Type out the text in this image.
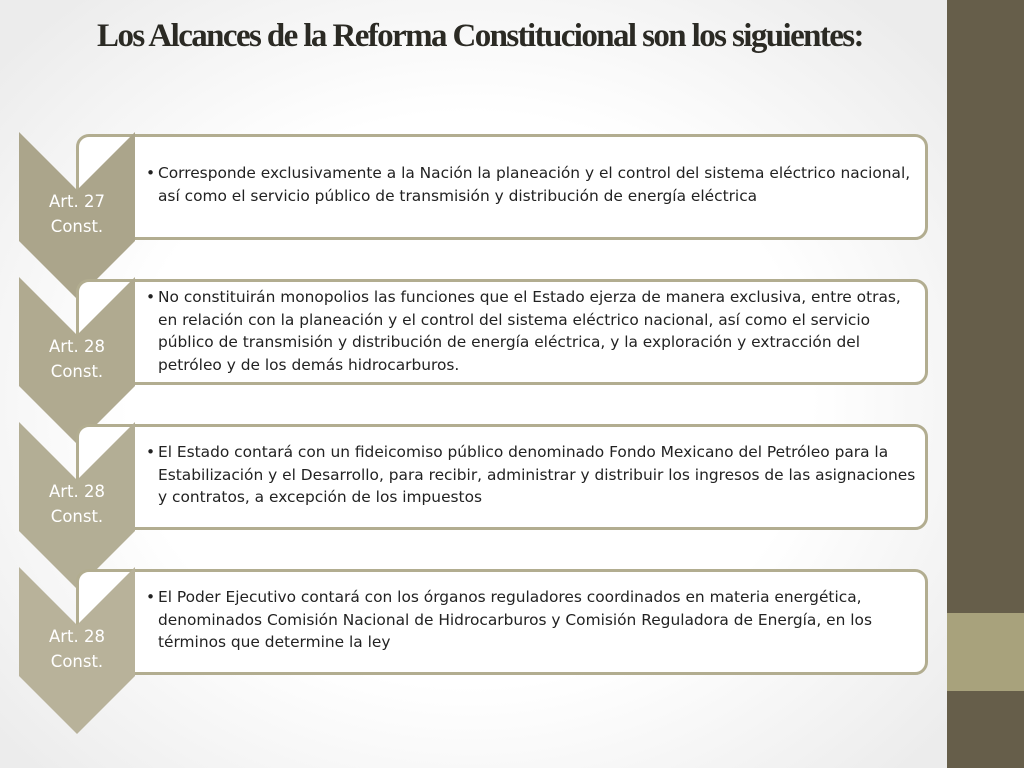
Los Alcances de la Reforma Constitucional son los siguientes:
Art. 27
Const.
• Corresponde exclusivamente a la Nación la planeación y el control del sistema eléctrico nacional, así como el servicio público de transmisión y distribución de energía eléctrica
Art. 28
Const.
• No constituirán monopolios las funciones que el Estado ejerza de manera exclusiva, entre otras, en relación con la planeación y el control del sistema eléctrico nacional, así como el servicio público de transmisión y distribución de energía eléctrica, y la exploración y extracción del petróleo y de los demás hidrocarburos.
Art. 28
Const.
• El Estado contará con un fideicomiso público denominado Fondo Mexicano del Petróleo para la Estabilización y el Desarrollo, para recibir, administrar y distribuir los ingresos de las asignaciones y contratos, a excepción de los impuestos
Art. 28
Const.
• El Poder Ejecutivo contará con los órganos reguladores coordinados en materia energética, denominados Comisión Nacional de Hidrocarburos y Comisión Reguladora de Energía, en los términos que determine la ley
